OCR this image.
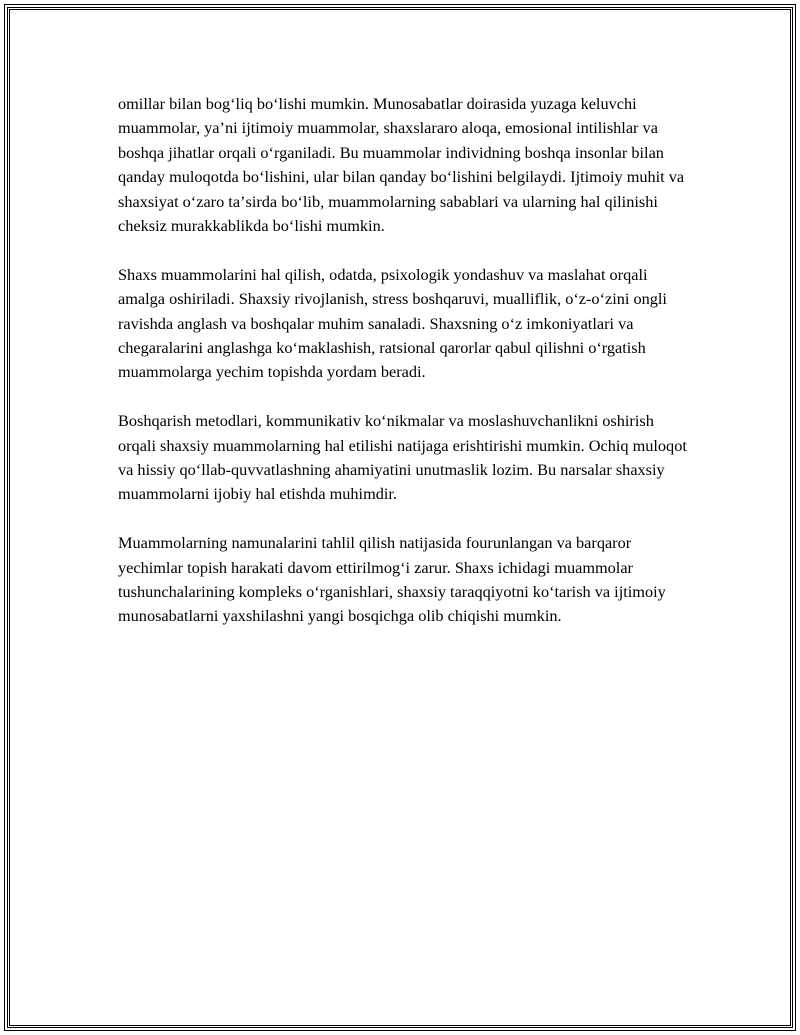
omillar bilan bogʻliq boʻlishi mumkin. Munosabatlar doirasida yuzaga keluvchi muammolar, yaʼni ijtimoiy muammolar, shaxslararo aloqa, emosional intilishlar va boshqa jihatlar orqali oʻrganiladi. Bu muammolar individning boshqa insonlar bilan qanday muloqotda boʻlishini, ular bilan qanday boʻlishini belgilaydi. Ijtimoiy muhit va shaxsiyat oʻzaro taʼsirda boʻlib, muammolarning sabablari va ularning hal qilinishi cheksiz murakkablikda boʻlishi mumkin.

Shaxs muammolarini hal qilish, odatda, psixologik yondashuv va maslahat orqali amalga oshiriladi. Shaxsiy rivojlanish, stress boshqaruvi, mualliflik, oʻz-oʻzini ongli ravishda anglash va boshqalar muhim sanaladi. Shaxsning oʻz imkoniyatlari va chegaralarini anglashga koʻmaklashish, ratsional qarorlar qabul qilishni oʻrgatish muammolarga yechim topishda yordam beradi.

Boshqarish metodlari, kommunikativ koʻnikmalar va moslashuvchanlikni oshirish orqali shaxsiy muammolarning hal etilishi natijaga erishtirishi mumkin. Ochiq muloqot va hissiy qoʻllab-quvvatlashning ahamiyatini unutmaslik lozim. Bu narsalar shaxsiy muammolarni ijobiy hal etishda muhimdir.

Muammolarning namunalarini tahlil qilish natijasida fourunlangan va barqaror yechimlar topish harakati davom ettirilmogʻi zarur. Shaxs ichidagi muammolar tushunchalarining kompleks oʻrganishlari, shaxsiy taraqqiyotni koʻtarish va ijtimoiy munosabatlarni yaxshilashni yangi bosqichga olib chiqishi mumkin.
